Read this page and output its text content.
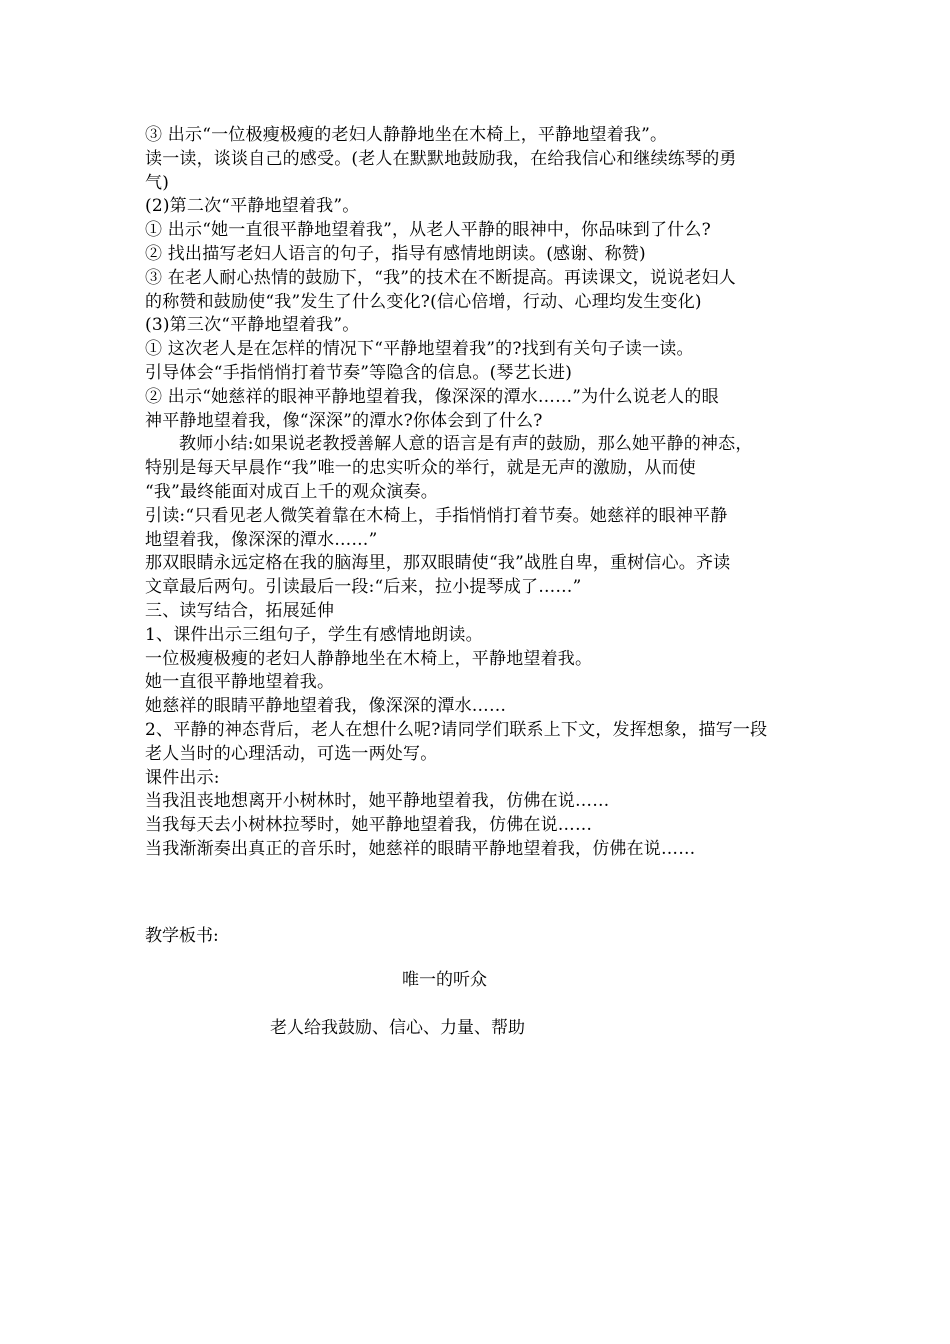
③ 出示“一位极瘦极瘦的老妇人静静地坐在木椅上，平静地望着我”。
读一读，谈谈自己的感受。(老人在默默地鼓励我，在给我信心和继续练琴的勇
气)
(2)第二次“平静地望着我”。
① 出示“她一直很平静地望着我”，从老人平静的眼神中，你品味到了什么?
② 找出描写老妇人语言的句子，指导有感情地朗读。(感谢、称赞)
③ 在老人耐心热情的鼓励下，“我”的技术在不断提高。再读课文，说说老妇人
的称赞和鼓励使“我”发生了什么变化?(信心倍增，行动、心理均发生变化)
(3)第三次“平静地望着我”。
① 这次老人是在怎样的情况下“平静地望着我”的?找到有关句子读一读。
引导体会“手指悄悄打着节奏”等隐含的信息。(琴艺长进)
② 出示“她慈祥的眼神平静地望着我，像深深的潭水……”为什么说老人的眼
神平静地望着我，像“深深”的潭水?你体会到了什么?
教师小结:如果说老教授善解人意的语言是有声的鼓励，那么她平静的神态，
特别是每天早晨作“我”唯一的忠实听众的举行，就是无声的激励，从而使
“我”最终能面对成百上千的观众演奏。
引读:“只看见老人微笑着靠在木椅上，手指悄悄打着节奏。她慈祥的眼神平静
地望着我，像深深的潭水……”
那双眼睛永远定格在我的脑海里，那双眼睛使“我”战胜自卑，重树信心。齐读
文章最后两句。引读最后一段:“后来，拉小提琴成了……”
三、读写结合，拓展延伸
1、课件出示三组句子，学生有感情地朗读。
一位极瘦极瘦的老妇人静静地坐在木椅上，平静地望着我。
她一直很平静地望着我。
她慈祥的眼睛平静地望着我，像深深的潭水……
2、平静的神态背后，老人在想什么呢?请同学们联系上下文，发挥想象，描写一段
老人当时的心理活动，可选一两处写。
课件出示:
当我沮丧地想离开小树林时，她平静地望着我，仿佛在说……
当我每天去小树林拉琴时，她平静地望着我，仿佛在说……
当我渐渐奏出真正的音乐时，她慈祥的眼睛平静地望着我，仿佛在说……
教学板书:
唯一的听众
老人给我鼓励、信心、力量、帮助
